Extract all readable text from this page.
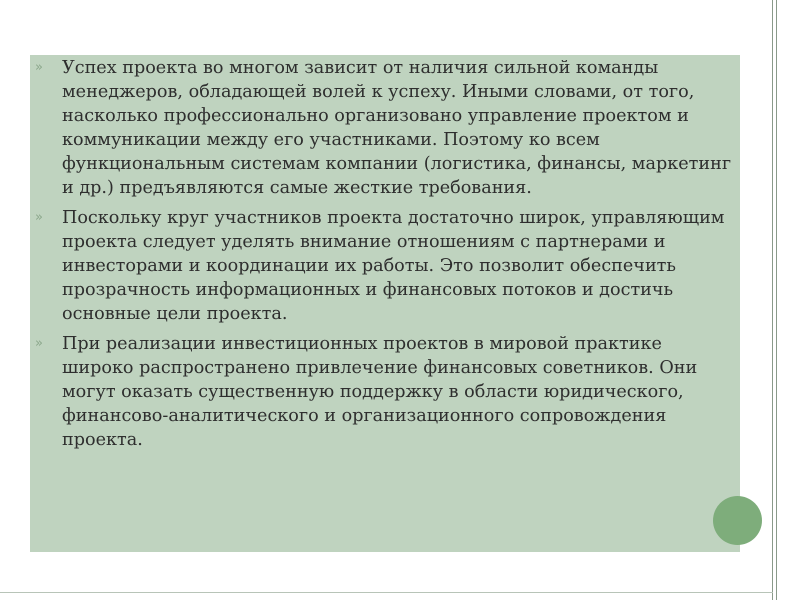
»	Успех проекта во многом зависит от наличия сильной команды менеджеров, обладающей волей к успеху. Иными словами, от того, насколько профессионально организовано управление проектом и коммуникации между его участниками. Поэтому ко всем функциональным системам компании (логистика, финансы, маркетинг и др.) предъявляются самые жесткие требования.
»	Поскольку круг участников проекта достаточно широк, управляющим проекта следует уделять внимание отношениям с партнерами и инвесторами и координации их работы. Это позволит обеспечить прозрачность информационных и финансовых потоков и достичь основные цели проекта.
»	При реализации инвестиционных проектов в мировой практике широко распространено привлечение финансовых советников. Они могут оказать существенную поддержку в области юридического, финансово-аналитического и организационного сопровождения проекта.
